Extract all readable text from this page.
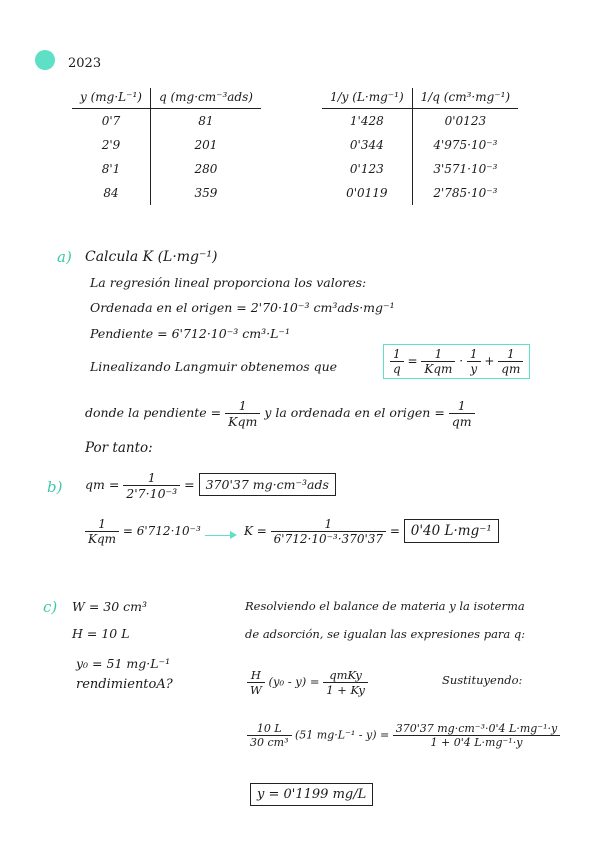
2023
y (mg·L⁻¹)	q (mg·cm⁻³ads)
0'7	81
2'9	201
8'1	280
84	359
1/y (L·mg⁻¹)	1/q (cm³·mg⁻¹)
1'428	0'0123
0'344	4'975·10⁻³
0'123	3'571·10⁻³
0'0119	2'785·10⁻³
a) Calcula K (L·mg⁻¹)
La regresión lineal proporciona los valores:
Ordenada en el origen = 2'70·10⁻³ cm³ads·mg⁻¹
Pendiente = 6'712·10⁻³ cm³·L⁻¹
Linealizando Langmuir obtenemos que	$\frac{1}{q} = \frac{1}{\text{Kqm}} \cdot \frac{1}{y} + \frac{1}{qm}$
donde la pendiente = $\frac{1}{\text{Kqm}}$ y la ordenada en el origen = $\frac{1}{qm}$
Por tanto:
b) qm = $\frac{1}{\text{2'7·10⁻³}} = 370'37$ mg·cm⁻³ads
$\frac{1}{\text{Kqm}} = 6'712\cdot 10^{-3}$	$K = \frac{1}{\text{6'712·10⁻³·370'37}} = 0'40$ L·mg⁻¹
c) W = 30 cm³
H = 10 L
y₀ = 51 mg·L⁻¹
rendimientoA?
Resolviendo el balance de materia y la isoterma
de adsorción, se igualan las expresiones para q:
$\frac{H}{W} (y_0 - y) = \frac{\text{qmKy}}{1 + Ky}$	Sustituyendo:
$\frac{10 L}{\text{30 cm³}} (51$ $mg\cdot L^{-1} - y) = \frac{\text{370'37 mg·cm⁻³·0'4 L·mg⁻¹·y}}{\text{1 + 0'4 L·mg⁻¹·y}}$
y = 0'1199 mg/L
